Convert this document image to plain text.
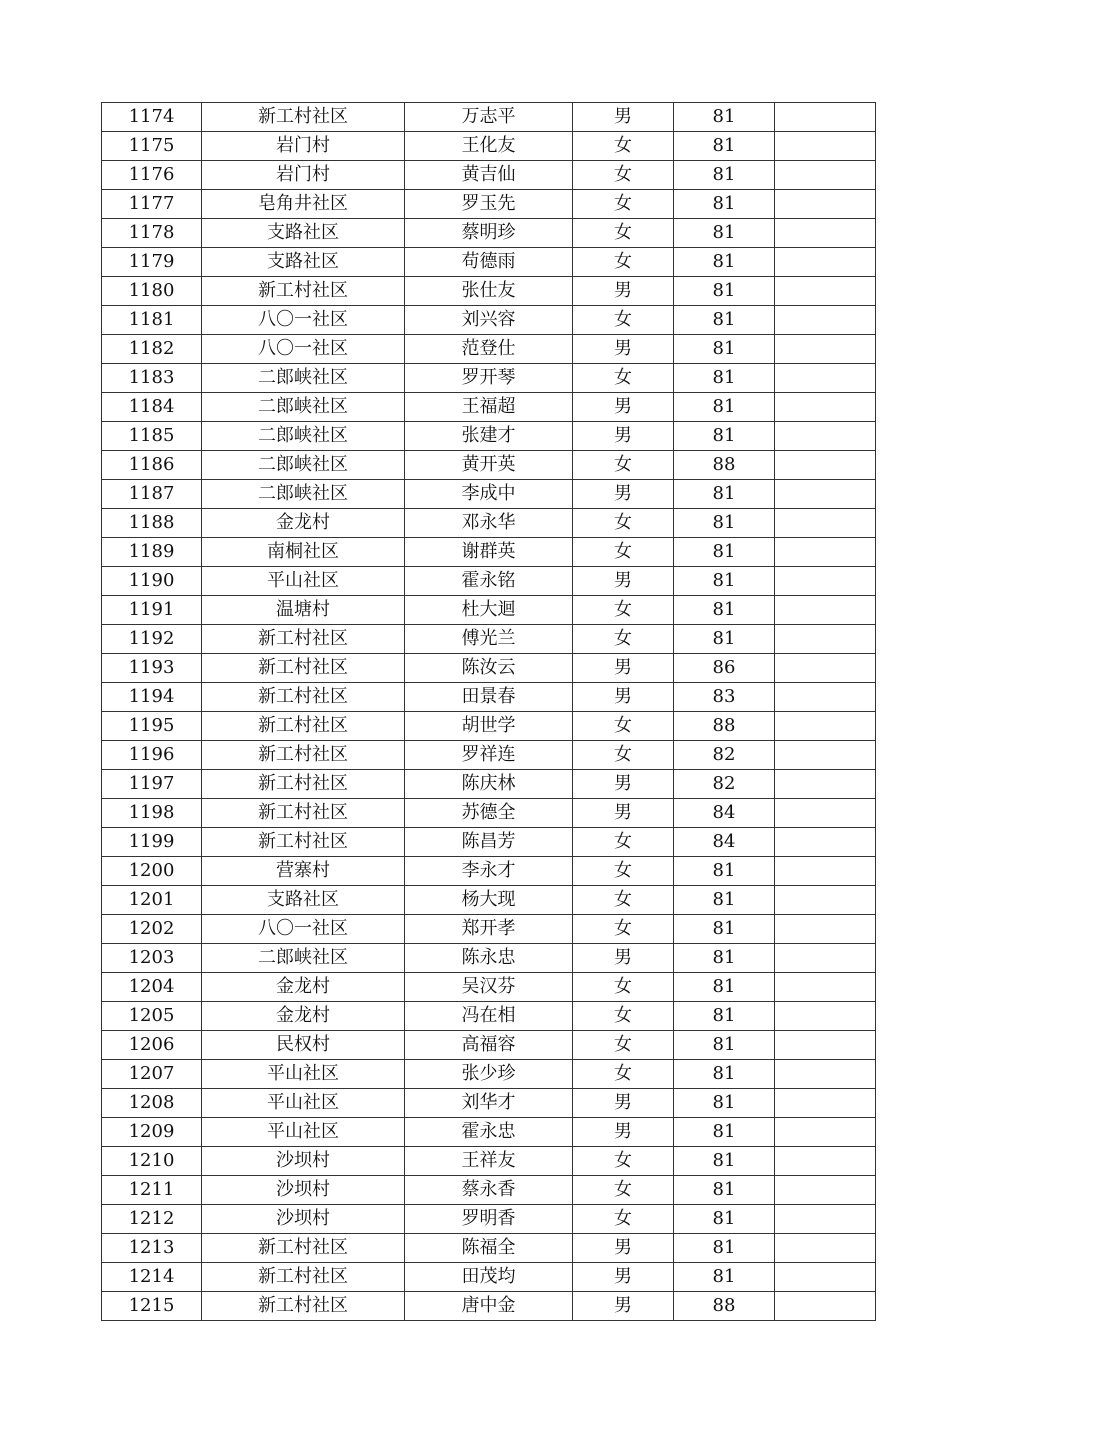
1174	新工村社区	万志平	男	81	
1175	岩门村	王化友	女	81	
1176	岩门村	黄吉仙	女	81	
1177	皂角井社区	罗玉先	女	81	
1178	支路社区	蔡明珍	女	81	
1179	支路社区	苟德雨	女	81	
1180	新工村社区	张仕友	男	81	
1181	八〇一社区	刘兴容	女	81	
1182	八〇一社区	范登仕	男	81	
1183	二郎峡社区	罗开琴	女	81	
1184	二郎峡社区	王福超	男	81	
1185	二郎峡社区	张建才	男	81	
1186	二郎峡社区	黄开英	女	88	
1187	二郎峡社区	李成中	男	81	
1188	金龙村	邓永华	女	81	
1189	南桐社区	谢群英	女	81	
1190	平山社区	霍永铭	男	81	
1191	温塘村	杜大迴	女	81	
1192	新工村社区	傅光兰	女	81	
1193	新工村社区	陈汝云	男	86	
1194	新工村社区	田景春	男	83	
1195	新工村社区	胡世学	女	88	
1196	新工村社区	罗祥连	女	82	
1197	新工村社区	陈庆林	男	82	
1198	新工村社区	苏德全	男	84	
1199	新工村社区	陈昌芳	女	84	
1200	营寨村	李永才	女	81	
1201	支路社区	杨大现	女	81	
1202	八〇一社区	郑开孝	女	81	
1203	二郎峡社区	陈永忠	男	81	
1204	金龙村	吴汉芬	女	81	
1205	金龙村	冯在相	女	81	
1206	民权村	高福容	女	81	
1207	平山社区	张少珍	女	81	
1208	平山社区	刘华才	男	81	
1209	平山社区	霍永忠	男	81	
1210	沙坝村	王祥友	女	81	
1211	沙坝村	蔡永香	女	81	
1212	沙坝村	罗明香	女	81	
1213	新工村社区	陈福全	男	81	
1214	新工村社区	田茂均	男	81	
1215	新工村社区	唐中金	男	88	
